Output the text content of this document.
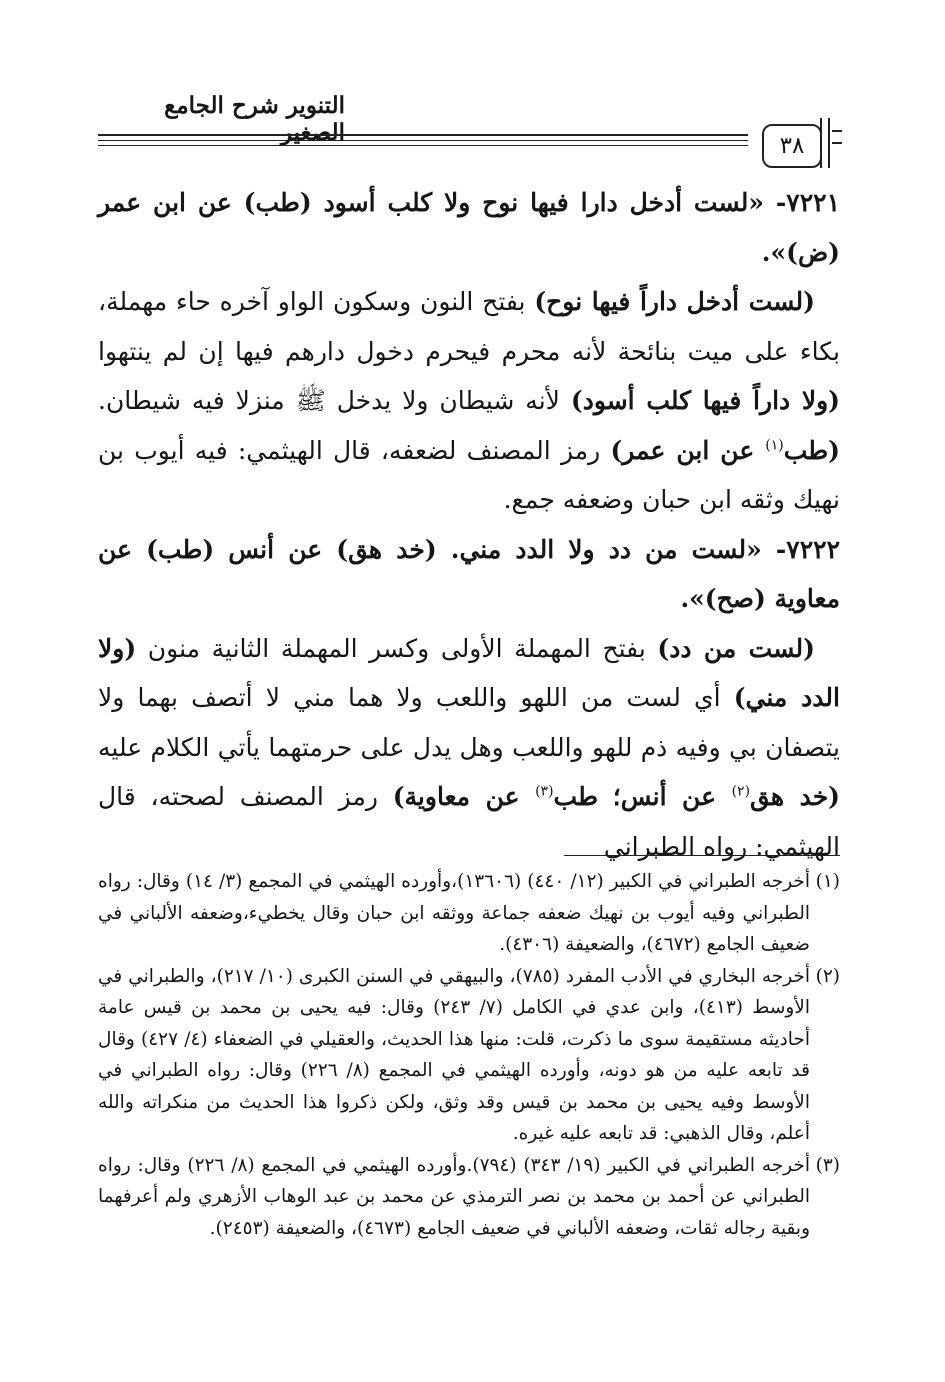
التنوير شرح الجامع الصغير	٣٨

٧٢٢١- «لست أدخل دارا فيها نوح ولا كلب أسود (طب) عن ابن عمر (ض)».

 (لست أدخل داراً فيها نوح) بفتح النون وسكون الواو آخره حاء مهملة، بكاء على ميت بنائحة لأنه محرم فيحرم دخول دارهم فيها إن لم ينتهوا (ولا داراً فيها كلب أسود) لأنه شيطان ولا يدخل ﷺ منزلا فيه شيطان. (طب$^{(١)}$ عن ابن عمر) رمز المصنف لضعفه، قال الهيثمي: فيه أيوب بن نهيك وثقه ابن حبان وضعفه جمع.

٧٢٢٢- «لست من دد ولا الدد مني. (خد هق) عن أنس (طب) عن معاوية (صح)».

 (لست من دد) بفتح المهملة الأولى وكسر المهملة الثانية منون (ولا الدد مني) أي لست من اللهو واللعب ولا هما مني لا أتصف بهما ولا يتصفان بي وفيه ذم للهو واللعب وهل يدل على حرمتهما يأتي الكلام عليه (خد هق$^{(٢)}$ عن أنس؛ طب$^{(٣)}$ عن معاوية) رمز المصنف لصحته، قال الهيثمي: رواه الطبراني

(١)
أخرجه الطبراني في الكبير (١٢/ ٤٤٠) (١٣٦٠٦)،وأورده الهيثمي في المجمع (٣/ ١٤) وقال: رواه الطبراني وفيه أيوب بن نهيك ضعفه جماعة ووثقه ابن حبان وقال يخطيء،وضعفه الألباني في ضعيف الجامع (٤٦٧٢)، والضعيفة (٤٣٠٦).

(٢)
أخرجه البخاري في الأدب المفرد (٧٨٥)، والبيهقي في السنن الكبرى (١٠/ ٢١٧)، والطبراني في الأوسط (٤١٣)، وابن عدي في الكامل (٧/ ٢٤٣) وقال: فيه يحيى بن محمد بن قيس عامة أحاديثه مستقيمة سوى ما ذكرت، قلت: منها هذا الحديث، والعقيلي في الضعفاء (٤/ ٤٢٧) وقال قد تابعه عليه من هو دونه، وأورده الهيثمي في المجمع (٨/ ٢٢٦) وقال: رواه الطبراني في الأوسط وفيه يحيى بن محمد بن قيس وقد وثق، ولكن ذكروا هذا الحديث من منكراته والله أعلم، وقال الذهبي: قد تابعه عليه غيره.

(٣)
أخرجه الطبراني في الكبير (١٩/ ٣٤٣) (٧٩٤).وأورده الهيثمي في المجمع (٨/ ٢٢٦) وقال: رواه الطبراني عن أحمد بن محمد بن نصر الترمذي عن محمد بن عبد الوهاب الأزهري ولم أعرفهما وبقية رجاله ثقات، وضعفه الألباني في ضعيف الجامع (٤٦٧٣)، والضعيفة (٢٤٥٣).
